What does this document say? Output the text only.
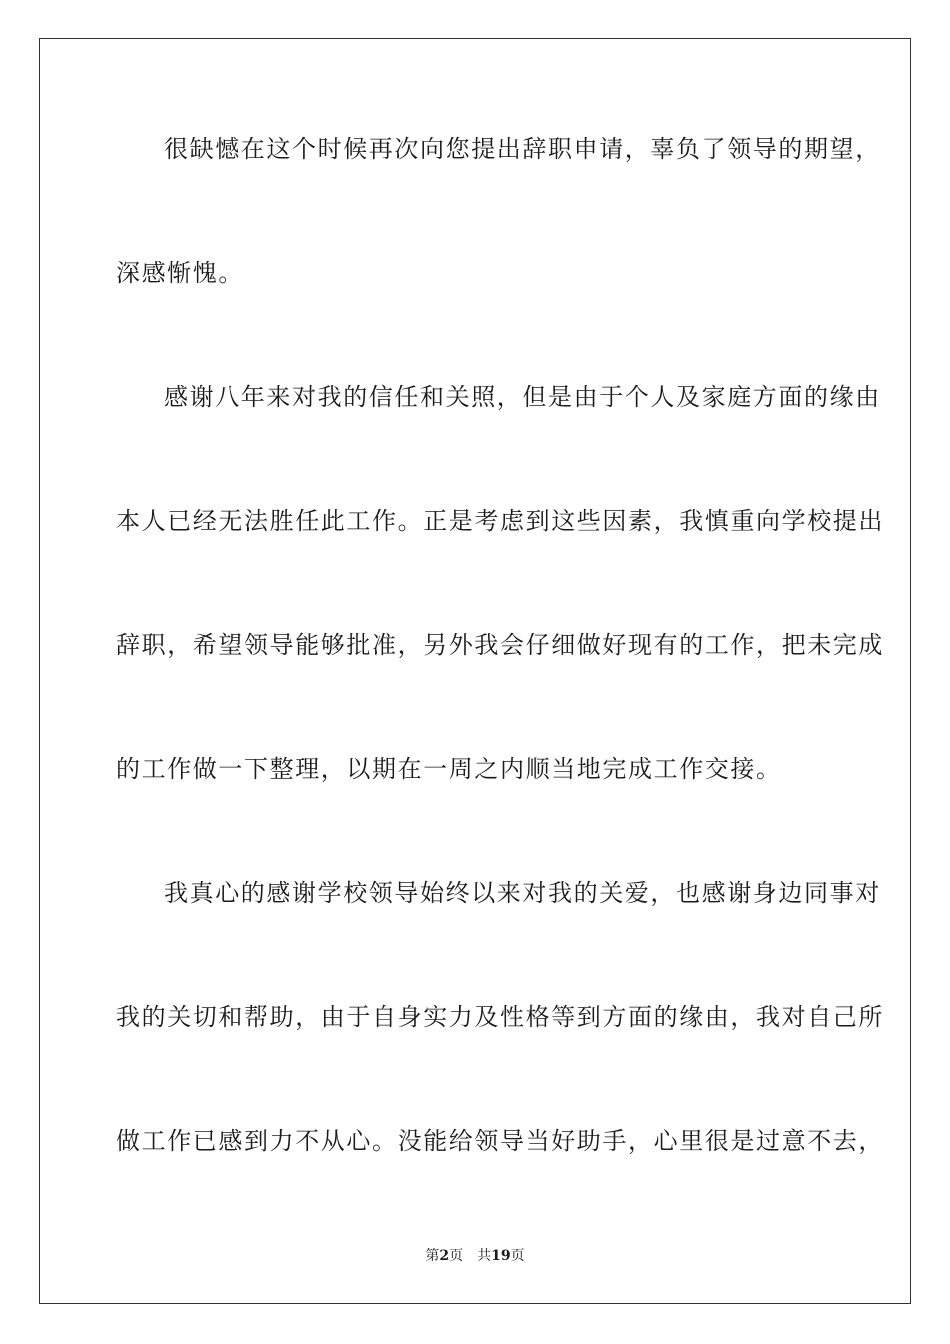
很缺憾在这个时候再次向您提出辞职申请，辜负了领导的期望，
深感惭愧。
感谢八年来对我的信任和关照，但是由于个人及家庭方面的缘由
本人已经无法胜任此工作。正是考虑到这些因素，我慎重向学校提出
辞职，希望领导能够批准，另外我会仔细做好现有的工作，把未完成
的工作做一下整理，以期在一周之内顺当地完成工作交接。
我真心的感谢学校领导始终以来对我的关爱，也感谢身边同事对
我的关切和帮助，由于自身实力及性格等到方面的缘由，我对自己所
做工作已感到力不从心。没能给领导当好助手，心里很是过意不去，
第2页 共19页
